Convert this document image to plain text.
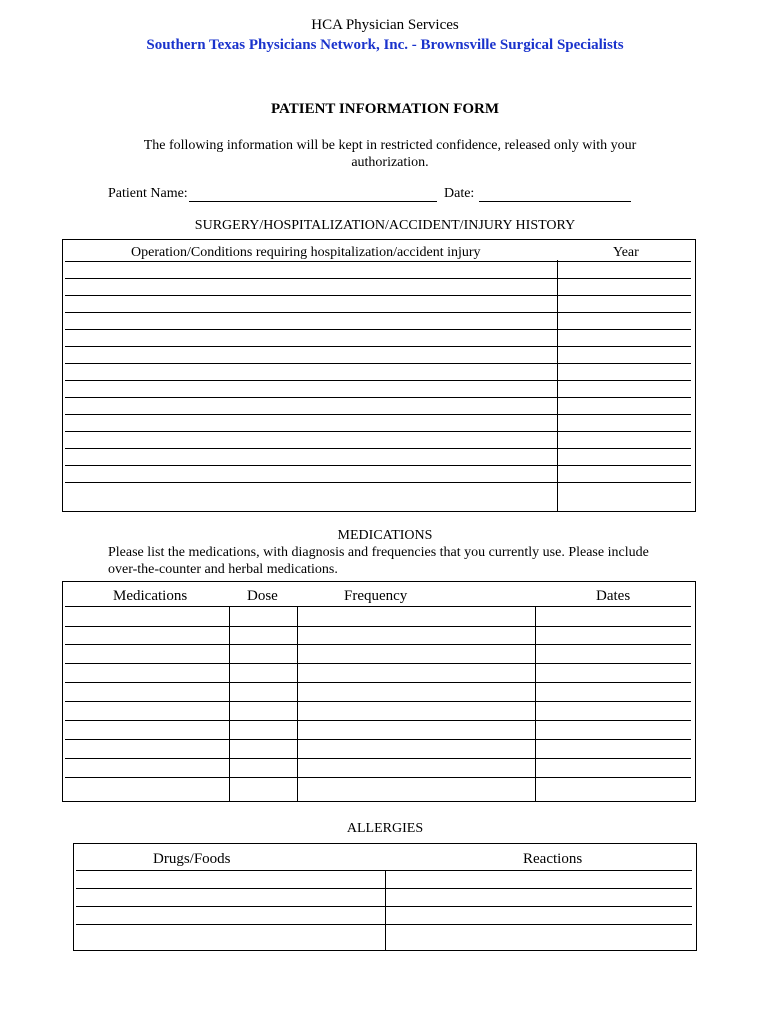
HCA Physician Services
Southern Texas Physicians Network, Inc. - Brownsville Surgical Specialists
PATIENT INFORMATION FORM
The following information will be kept in restricted confidence, released only with your
authorization.
Patient Name:	Date:
SURGERY/HOSPITALIZATION/ACCIDENT/INJURY HISTORY
Operation/Conditions requiring hospitalization/accident injury	Year
MEDICATIONS
Please list the medications, with diagnosis and frequencies that you currently use. Please include
over-the-counter and herbal medications.
Medications	Dose	Frequency	Dates
ALLERGIES
Drugs/Foods	Reactions
